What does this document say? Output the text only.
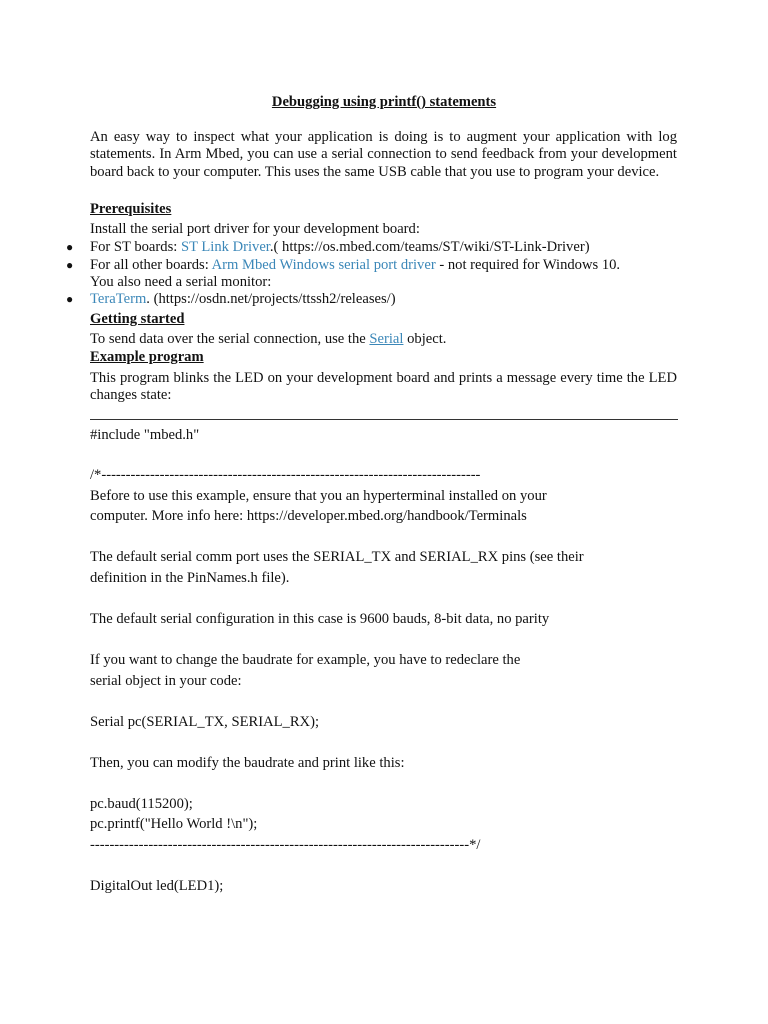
Debugging using printf() statements
An easy way to inspect what your application is doing is to augment your application with log statements. In Arm Mbed, you can use a serial connection to send feedback from your development board back to your computer. This uses the same USB cable that you use to program your device.
Prerequisites
Install the serial port driver for your development board:
● For ST boards: ST Link Driver.( https://os.mbed.com/teams/ST/wiki/ST-Link-Driver)
● For all other boards: Arm Mbed Windows serial port driver - not required for Windows 10.
You also need a serial monitor:
● TeraTerm. (https://osdn.net/projects/ttssh2/releases/)
Getting started
To send data over the serial connection, use the Serial object.
Example program
This program blinks the LED on your development board and prints a message every time the LED changes state:
#include "mbed.h"
/*------------------------------------------------------------------------------
Before to use this example, ensure that you an hyperterminal installed on your
computer. More info here: https://developer.mbed.org/handbook/Terminals
The default serial comm port uses the SERIAL_TX and SERIAL_RX pins (see their
definition in the PinNames.h file).
The default serial configuration in this case is 9600 bauds, 8-bit data, no parity
If you want to change the baudrate for example, you have to redeclare the
serial object in your code:
Serial pc(SERIAL_TX, SERIAL_RX);
Then, you can modify the baudrate and print like this:
pc.baud(115200);
pc.printf("Hello World !\n");
------------------------------------------------------------------------------*/
DigitalOut led(LED1);
